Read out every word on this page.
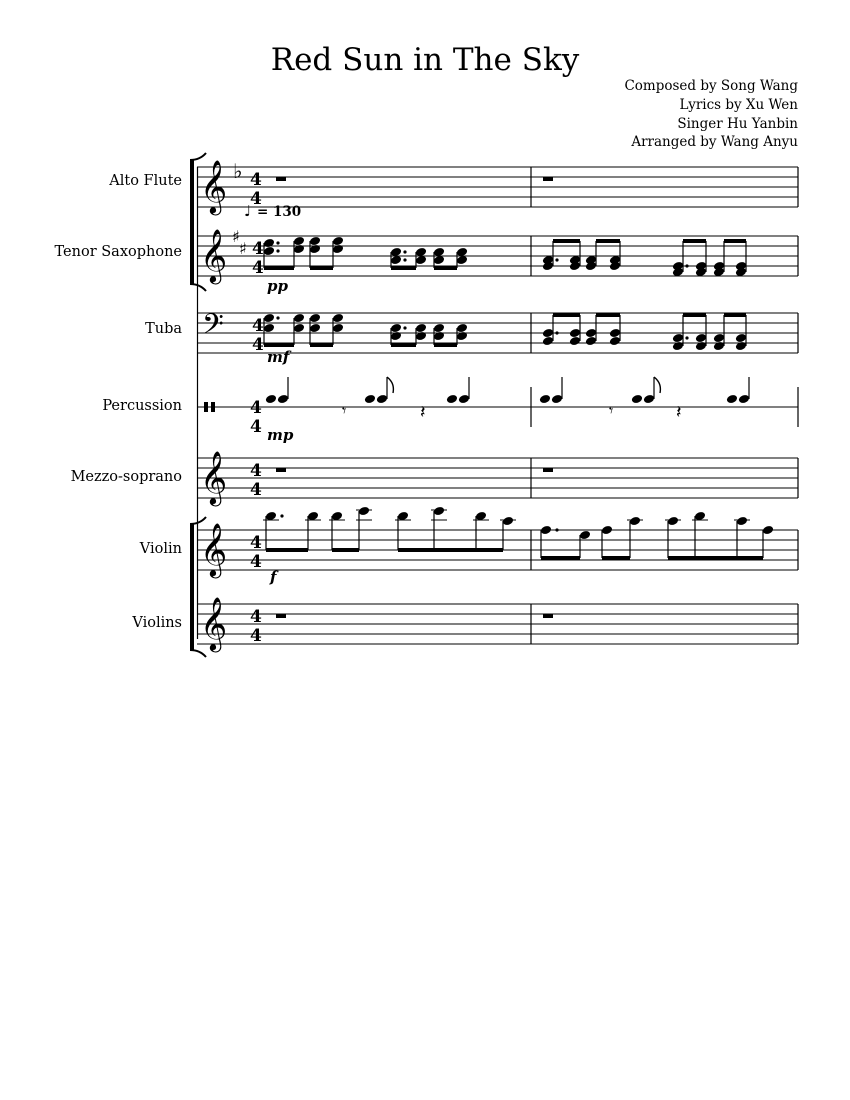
Red Sun in The Sky
Composed by Song Wang
Lyrics by Xu Wen
Singer Hu Yanbin
Arranged by Wang Anyu
Alto Flute
Tenor Saxophone
Tuba
Percussion
Mezzo-soprano
Violin
Violins
𝄞
𝄞
𝄢
𝄞
𝄞
𝄞
♭
♯
♯
4
4
4
4
4
4
4
4
4
4
4
4
4
4
♩ = 130
pp
mf
mp
f
𝄾	𝄾
𝄽	𝄽
